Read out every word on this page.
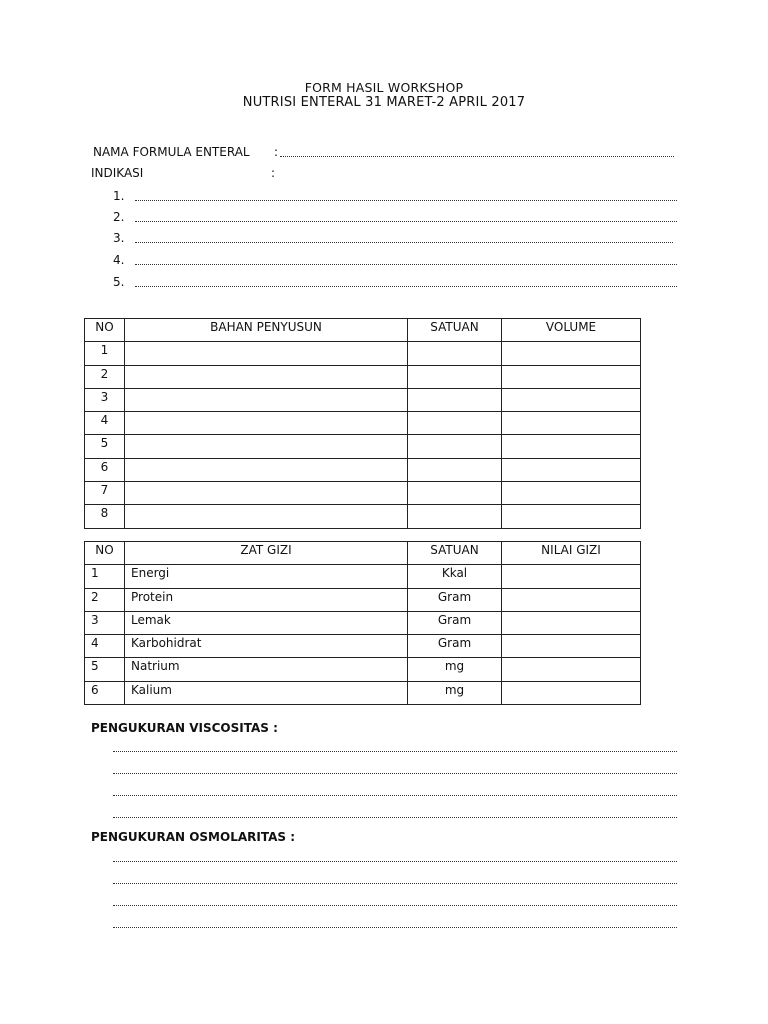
FORM HASIL WORKSHOP
NUTRISI ENTERAL 31 MARET-2 APRIL 2017
NAMA FORMULA ENTERAL :
INDIKASI	:
1.
2.
3.
4.
5.
NO	BAHAN PENYUSUN	SATUAN	VOLUME
1			
2			
3			
4			
5			
6			
7			
8			
NO	ZAT GIZI	SATUAN	NILAI GIZI
1	Energi	Kkal	
2	Protein	Gram	
3	Lemak	Gram	
4	Karbohidrat	Gram	
5	Natrium	mg	
6	Kalium	mg	
PENGUKURAN VISCOSITAS :
PENGUKURAN OSMOLARITAS :
